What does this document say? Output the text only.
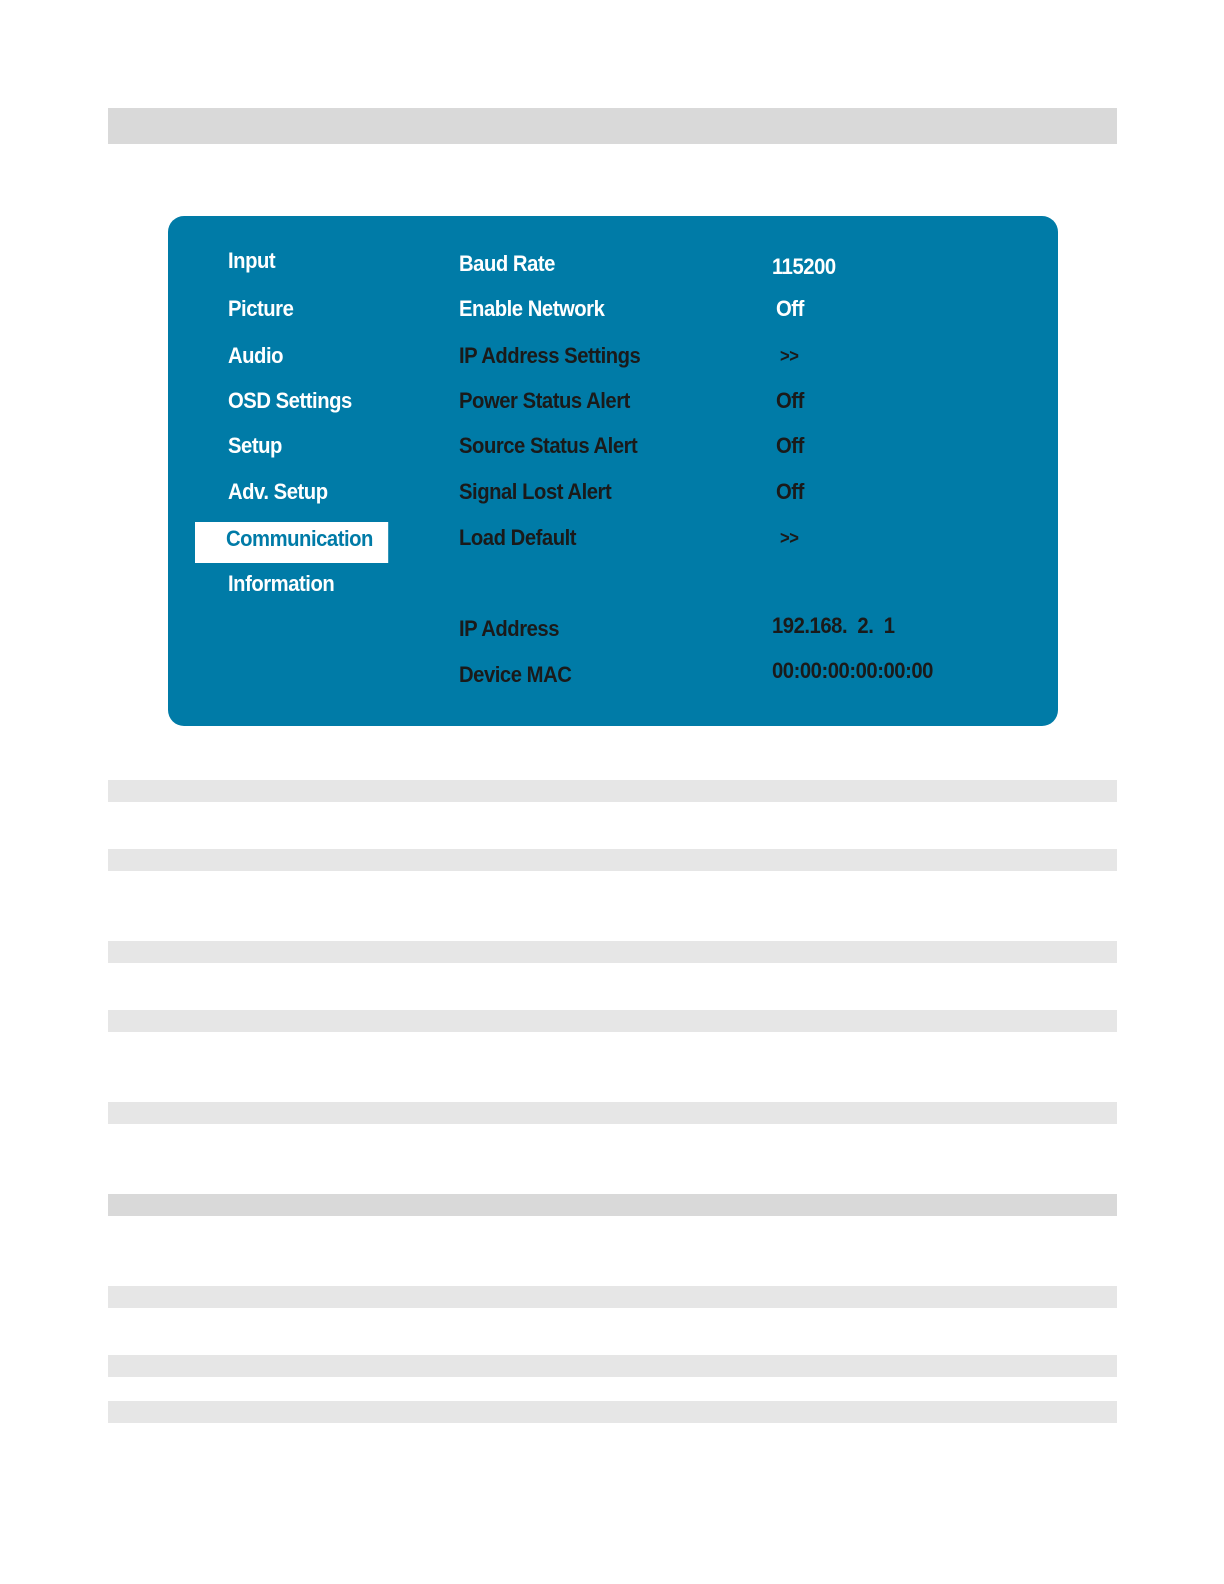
Input
Picture
Audio
OSD Settings
Setup
Adv. Setup
Communication
Information
Baud Rate
Enable Network
IP Address Settings
Power Status Alert
Source Status Alert
Signal Lost Alert
Load Default
115200
Off
>>
Off
Off
Off
>>
IP Address
Device MAC
192.168.  2.  1
00:00:00:00:00:00
